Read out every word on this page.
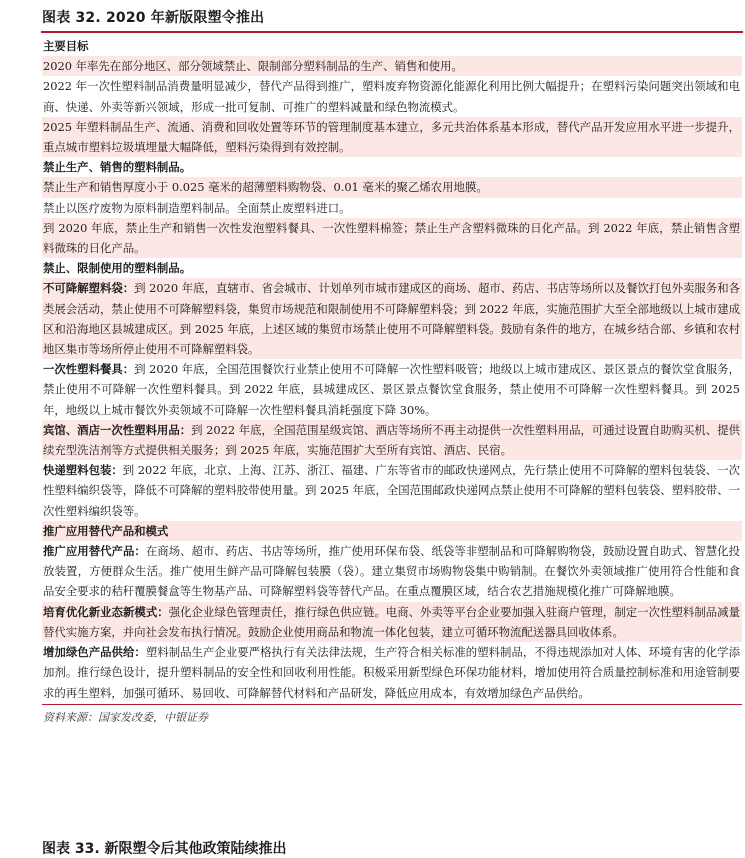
图表 32. 2020 年新版限塑令推出
主要目标
2020 年率先在部分地区、部分领域禁止、限制部分塑料制品的生产、销售和使用。
2022 年一次性塑料制品消费量明显减少，替代产品得到推广，塑料废弃物资源化能源化利用比例大幅提升；在塑料污染问题突出领域和电商、快递、外卖等新兴领域，形成一批可复制、可推广的塑料减量和绿色物流模式。
2025 年塑料制品生产、流通、消费和回收处置等环节的管理制度基本建立，多元共治体系基本形成，替代产品开发应用水平进一步提升，重点城市塑料垃圾填埋量大幅降低，塑料污染得到有效控制。
禁止生产、销售的塑料制品。
禁止生产和销售厚度小于 0.025 毫米的超薄塑料购物袋、0.01 毫米的聚乙烯农用地膜。
禁止以医疗废物为原料制造塑料制品。全面禁止废塑料进口。
到 2020 年底，禁止生产和销售一次性发泡塑料餐具、一次性塑料棉签；禁止生产含塑料微珠的日化产品。到 2022 年底，禁止销售含塑料微珠的日化产品。
禁止、限制使用的塑料制品。
不可降解塑料袋：到 2020 年底，直辖市、省会城市、计划单列市城市建成区的商场、超市、药店、书店等场所以及餐饮打包外卖服务和各类展会活动，禁止使用不可降解塑料袋，集贸市场规范和限制使用不可降解塑料袋；到 2022 年底，实施范围扩大至全部地级以上城市建成区和沿海地区县城建成区。到 2025 年底，上述区域的集贸市场禁止使用不可降解塑料袋。鼓励有条件的地方，在城乡结合部、乡镇和农村地区集市等场所停止使用不可降解塑料袋。
一次性塑料餐具：到 2020 年底，全国范围餐饮行业禁止使用不可降解一次性塑料吸管；地级以上城市建成区、景区景点的餐饮堂食服务，禁止使用不可降解一次性塑料餐具。到 2022 年底，县城建成区、景区景点餐饮堂食服务，禁止使用不可降解一次性塑料餐具。到 2025 年，地级以上城市餐饮外卖领域不可降解一次性塑料餐具消耗强度下降 30%。
宾馆、酒店一次性塑料用品：到 2022 年底，全国范围星级宾馆、酒店等场所不再主动提供一次性塑料用品，可通过设置自助购买机、提供续充型洗洁剂等方式提供相关服务；到 2025 年底，实施范围扩大至所有宾馆、酒店、民宿。
快递塑料包装：到 2022 年底，北京、上海、江苏、浙江、福建、广东等省市的邮政快递网点，先行禁止使用不可降解的塑料包装袋、一次性塑料编织袋等，降低不可降解的塑料胶带使用量。到 2025 年底，全国范围邮政快递网点禁止使用不可降解的塑料包装袋、塑料胶带、一次性塑料编织袋等。
推广应用替代产品和模式
推广应用替代产品：在商场、超市、药店、书店等场所，推广使用环保布袋、纸袋等非塑制品和可降解购物袋，鼓励设置自助式、智慧化投放装置，方便群众生活。推广使用生鲜产品可降解包装膜（袋）。建立集贸市场购物袋集中购销制。在餐饮外卖领域推广使用符合性能和食品安全要求的秸秆覆膜餐盒等生物基产品、可降解塑料袋等替代产品。在重点覆膜区域，结合农艺措施规模化推广可降解地膜。
培育优化新业态新模式：强化企业绿色管理责任，推行绿色供应链。电商、外卖等平台企业要加强入驻商户管理，制定一次性塑料制品减量替代实施方案，并向社会发布执行情况。鼓励企业使用商品和物流一体化包装，建立可循环物流配送器具回收体系。
增加绿色产品供给：塑料制品生产企业要严格执行有关法律法规，生产符合相关标准的塑料制品，不得违规添加对人体、环境有害的化学添加剂。推行绿色设计，提升塑料制品的安全性和回收利用性能。积极采用新型绿色环保功能材料，增加使用符合质量控制标准和用途管制要求的再生塑料，加强可循环、易回收、可降解替代材料和产品研发，降低应用成本，有效增加绿色产品供给。
资料来源：国家发改委，中银证券
图表 33. 新限塑令后其他政策陆续推出
